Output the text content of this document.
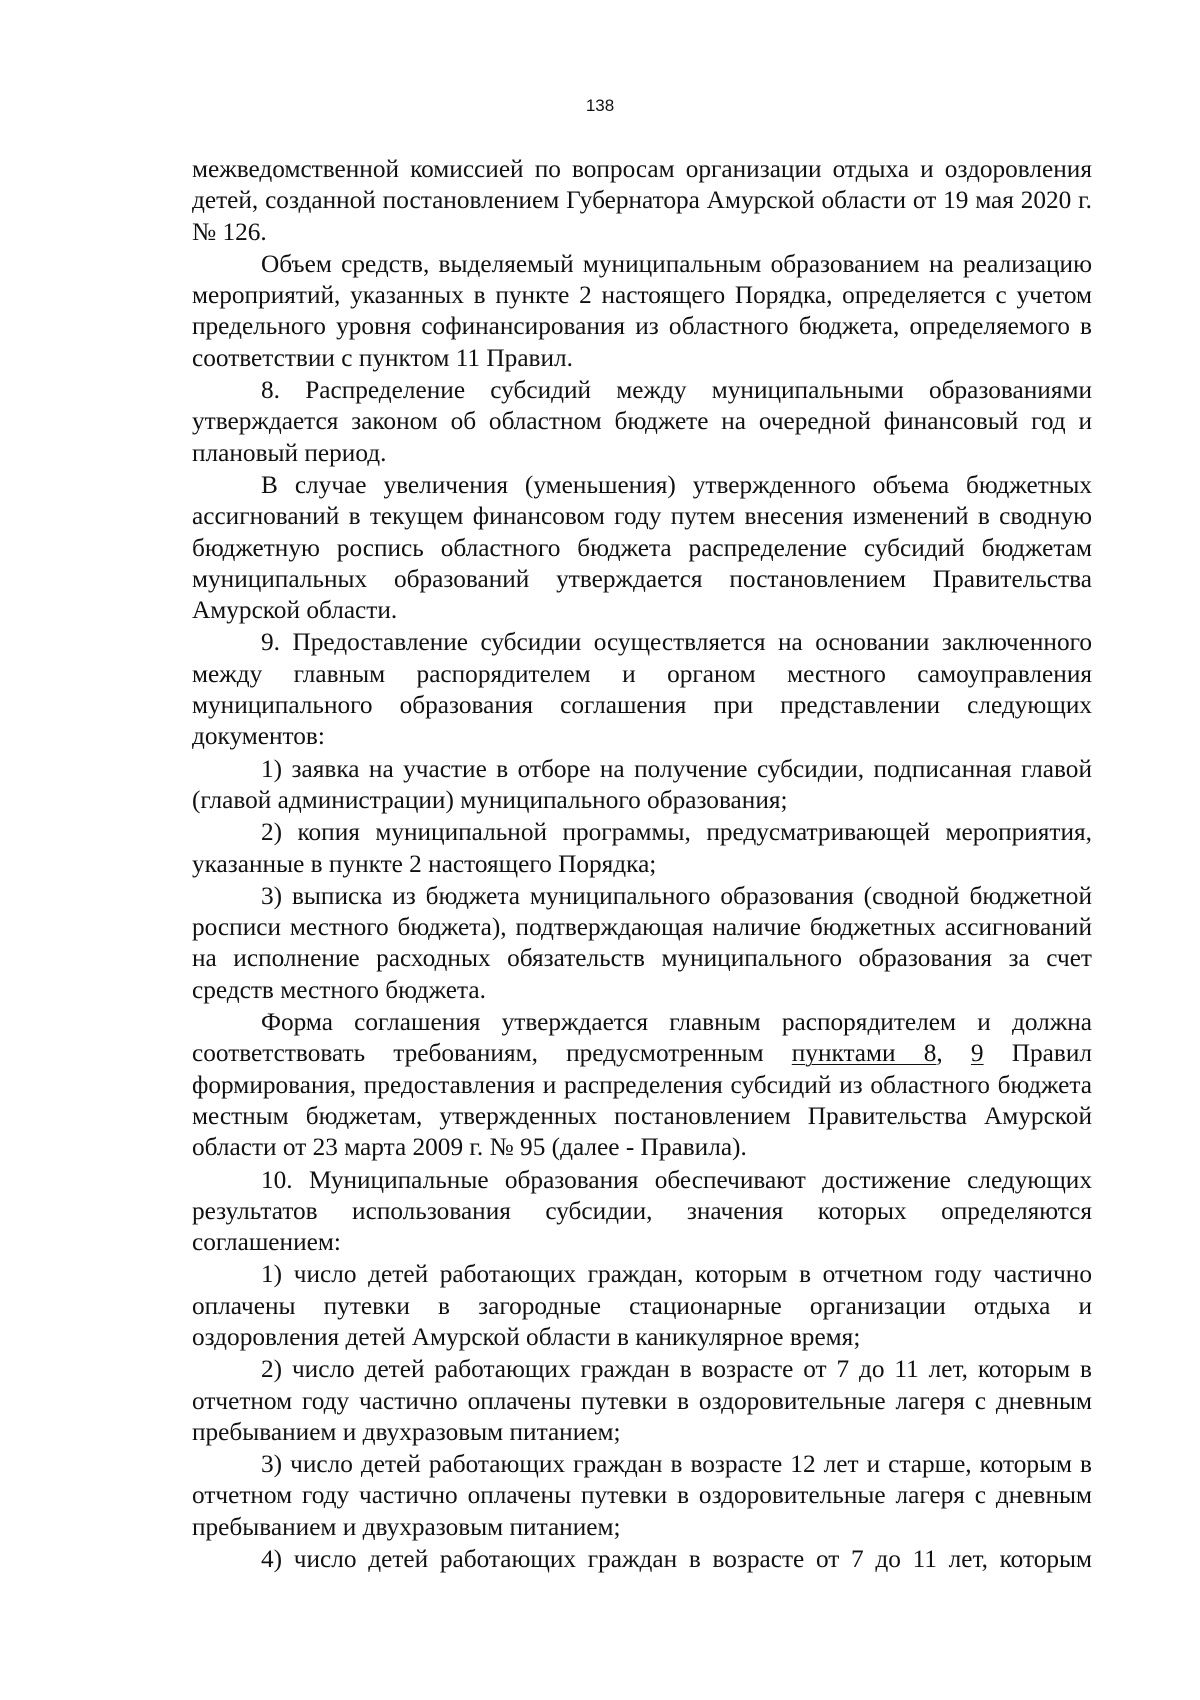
138

межведомственной комиссией по вопросам организации отдыха и оздоровления детей, созданной постановлением Губернатора Амурской области от 19 мая 2020 г. № 126.

Объем средств, выделяемый муниципальным образованием на реализацию мероприятий, указанных в пункте 2 настоящего Порядка, определяется с учетом предельного уровня софинансирования из областного бюджета, определяемого в соответствии с пунктом 11 Правил.

8. Распределение субсидий между муниципальными образованиями утверждается законом об областном бюджете на очередной финансовый год и плановый период.

В случае увеличения (уменьшения) утвержденного объема бюджетных ассигнований в текущем финансовом году путем внесения изменений в сводную бюджетную роспись областного бюджета распределение субсидий бюджетам муниципальных образований утверждается постановлением Правительства Амурской области.

9. Предоставление субсидии осуществляется на основании заключенного между главным распорядителем и органом местного самоуправления муниципального образования соглашения при представлении следующих документов:

1) заявка на участие в отборе на получение субсидии, подписанная главой (главой администрации) муниципального образования;

2) копия муниципальной программы, предусматривающей мероприятия, указанные в пункте 2 настоящего Порядка;

3) выписка из бюджета муниципального образования (сводной бюджетной росписи местного бюджета), подтверждающая наличие бюджетных ассигнований на исполнение расходных обязательств муниципального образования за счет средств местного бюджета.

Форма соглашения утверждается главным распорядителем и должна соответствовать требованиям, предусмотренным пунктами 8, 9 Правил формирования, предоставления и распределения субсидий из областного бюджета местным бюджетам, утвержденных постановлением Правительства Амурской области от 23 марта 2009 г. № 95 (далее - Правила).

10. Муниципальные образования обеспечивают достижение следующих результатов использования субсидии, значения которых определяются соглашением:

1) число детей работающих граждан, которым в отчетном году частично оплачены путевки в загородные стационарные организации отдыха и оздоровления детей Амурской области в каникулярное время;

2) число детей работающих граждан в возрасте от 7 до 11 лет, которым в отчетном году частично оплачены путевки в оздоровительные лагеря с дневным пребыванием и двухразовым питанием;

3) число детей работающих граждан в возрасте 12 лет и старше, которым в отчетном году частично оплачены путевки в оздоровительные лагеря с дневным пребыванием и двухразовым питанием;

4) число детей работающих граждан в возрасте от 7 до 11 лет, которым
